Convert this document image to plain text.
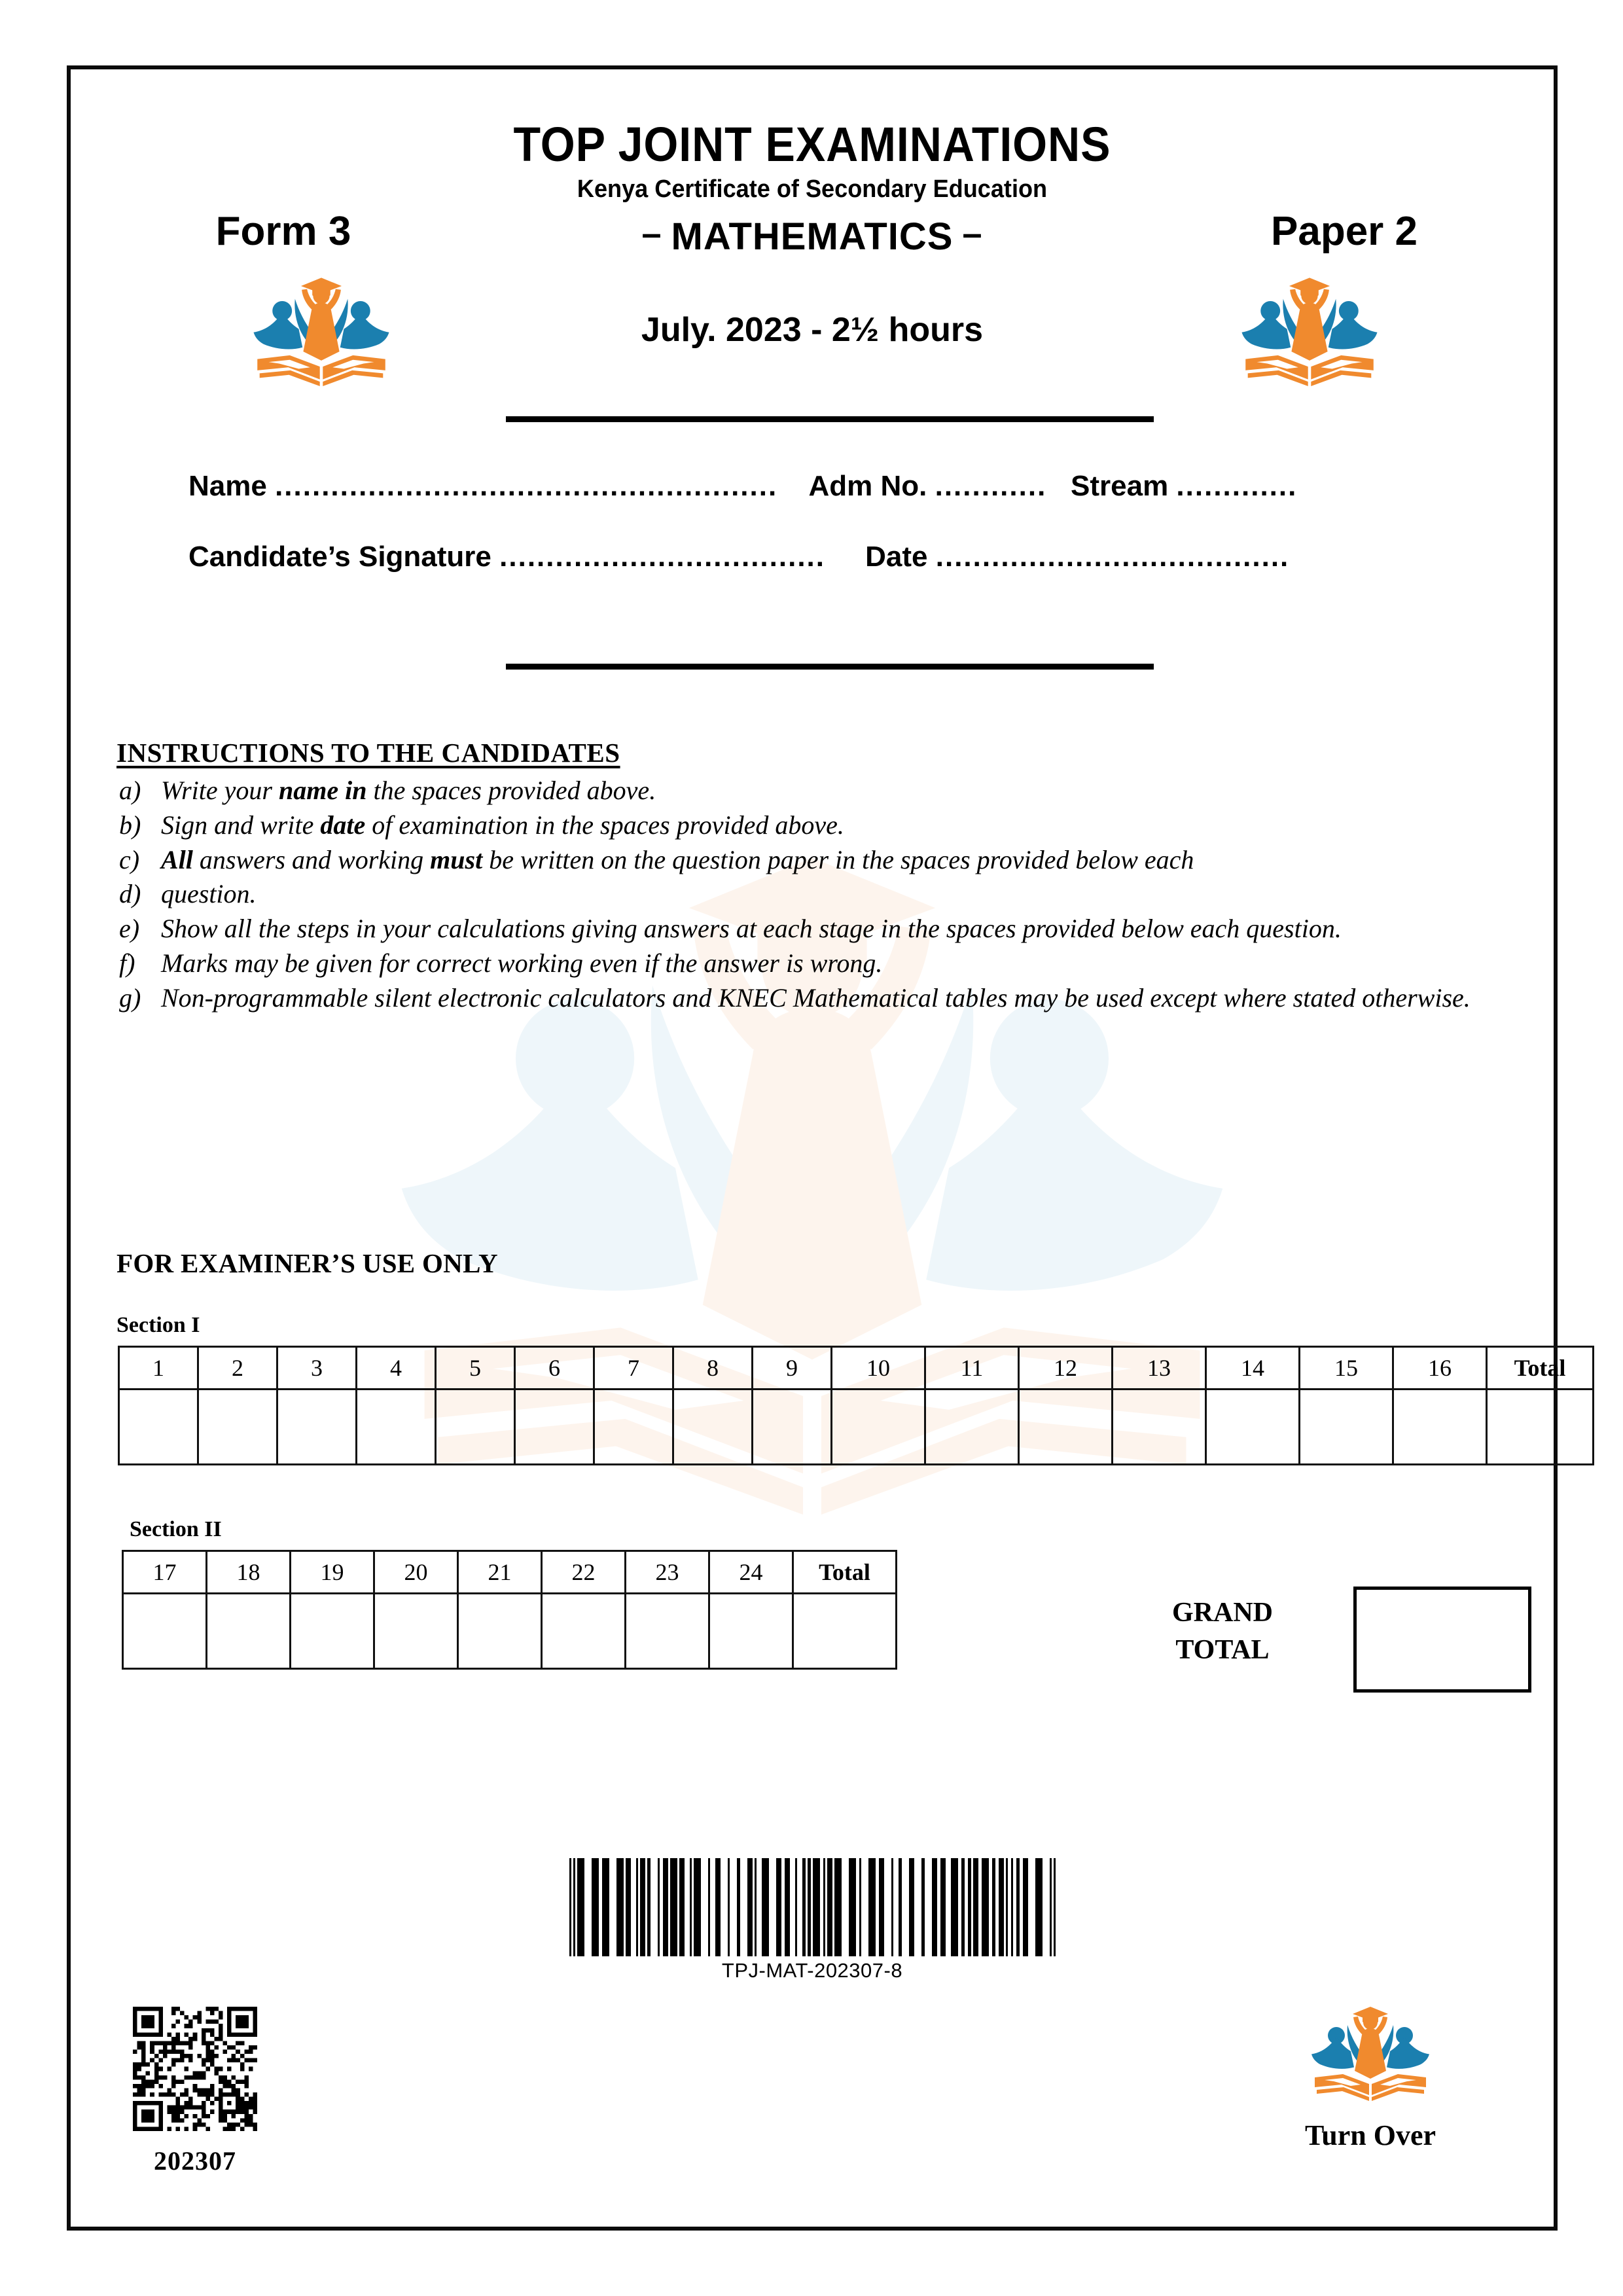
TOP JOINT EXAMINATIONS
Kenya Certificate of Secondary Education
Form 3	Paper 2
– MATHEMATICS –
July. 2023 - 2½ hours
Name ...................................................... Adm No. ............ Stream .............
Candidate’s Signature ................................... Date ......................................
INSTRUCTIONS TO THE CANDIDATES
a) Write your name in the spaces provided above.
b) Sign and write date of examination in the spaces provided above.
c) All answers and working must be written on the question paper in the spaces provided below each
d) question.
e) Show all the steps in your calculations giving answers at each stage in the spaces provided below each question.
f) Marks may be given for correct working even if the answer is wrong.
g) Non-programmable silent electronic calculators and KNEC Mathematical tables may be used except where stated otherwise.
FOR EXAMINER’S USE ONLY
Section I
1	2	3	4	5	6	7	8	9	10	11	12	13	14	15	16	Total

Section II
17	18	19	20	21	22	23	24	Total

GRAND
TOTAL
TPJ-MAT-202307-8
202307
Turn Over
